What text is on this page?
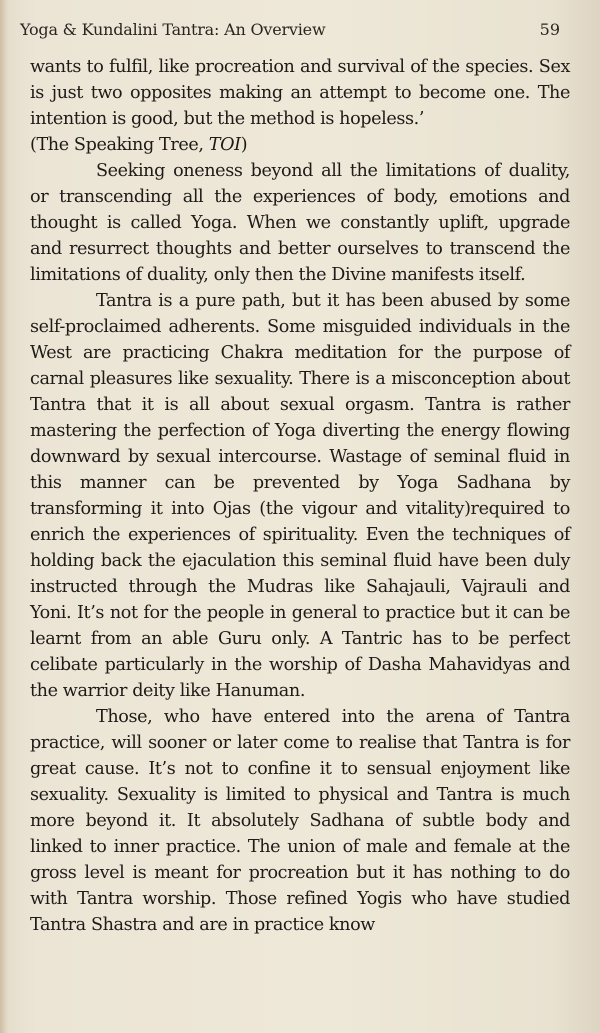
Yoga & Kundalini Tantra: An Overview	59

wants to fulfil, like procreation and survival of the species. Sex is just two opposites making an attempt to become one. The intention is good, but the method is hopeless.’

(The Speaking Tree, TOI)

Seeking oneness beyond all the limitations of duality, or transcending all the experiences of body, emotions and thought is called Yoga. When we constantly uplift, upgrade and resurrect thoughts and better ourselves to transcend the limitations of duality, only then the Divine manifests itself.

Tantra is a pure path, but it has been abused by some self-proclaimed adherents. Some misguided individuals in the West are practicing Chakra meditation for the purpose of carnal pleasures like sexuality. There is a misconception about Tantra that it is all about sexual orgasm. Tantra is rather mastering the perfection of Yoga diverting the energy flowing downward by sexual intercourse. Wastage of seminal fluid in this manner can be prevented by Yoga Sadhana by transforming it into Ojas (the vigour and vitality)required to enrich the experiences of spirituality. Even the techniques of holding back the ejaculation this seminal fluid have been duly instructed through the Mudras like Sahajauli, Vajrauli and Yoni. It’s not for the people in general to practice but it can be learnt from an able Guru only. A Tantric has to be perfect celibate particularly in the worship of Dasha Mahavidyas and the warrior deity like Hanuman.

Those, who have entered into the arena of Tantra practice, will sooner or later come to realise that Tantra is for great cause. It’s not to confine it to sensual enjoyment like sexuality. Sexuality is limited to physical and Tantra is much more beyond it. It absolutely Sadhana of subtle body and linked to inner practice. The union of male and female at the gross level is meant for procreation but it has nothing to do with Tantra worship. Those refined Yogis who have studied Tantra Shastra and are in practice know
